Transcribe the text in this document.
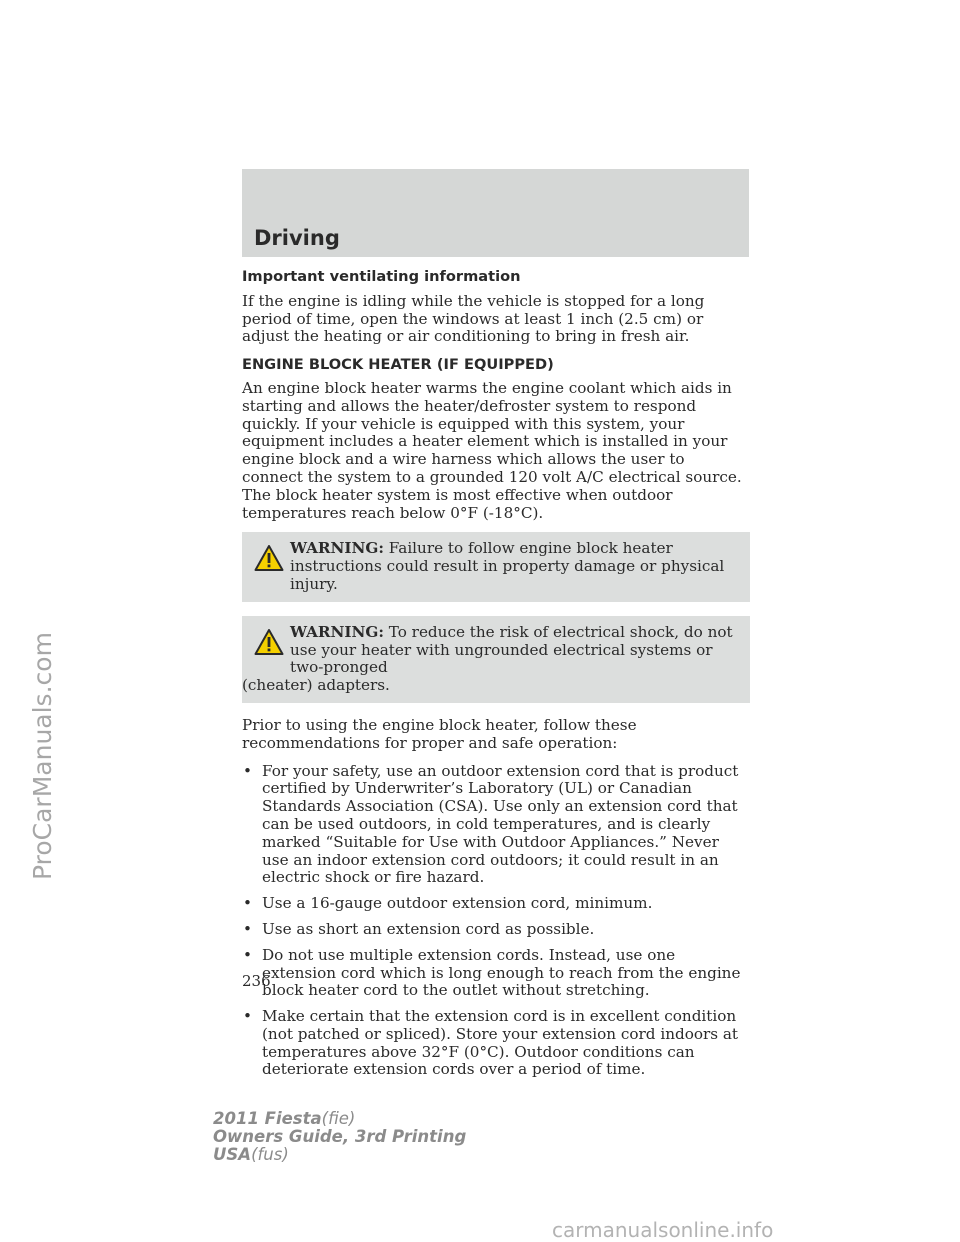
Driving
Important ventilating information

If the engine is idling while the vehicle is stopped for a long period of time, open the windows at least 1 inch (2.5 cm) or adjust the heating or air conditioning to bring in fresh air.

ENGINE BLOCK HEATER (IF EQUIPPED)

An engine block heater warms the engine coolant which aids in starting and allows the heater/defroster system to respond quickly. If your vehicle is equipped with this system, your equipment includes a heater element which is installed in your engine block and a wire harness which allows the user to connect the system to a grounded 120 volt A/C electrical source. The block heater system is most effective when outdoor temperatures reach below 0°F (-18°C).

WARNING: Failure to follow engine block heater instructions could result in property damage or physical injury.
WARNING: To reduce the risk of electrical shock, do not use your heater with ungrounded electrical systems or two-pronged
(cheater) adapters.

Prior to using the engine block heater, follow these recommendations for proper and safe operation:

• For your safety, use an outdoor extension cord that is product certified by Underwriter’s Laboratory (UL) or Canadian Standards Association (CSA). Use only an extension cord that can be used outdoors, in cold temperatures, and is clearly marked “Suitable for Use with Outdoor Appliances.” Never use an indoor extension cord outdoors; it could result in an electric shock or fire hazard.
• Use a 16-gauge outdoor extension cord, minimum.
• Use as short an extension cord as possible.
• Do not use multiple extension cords. Instead, use one extension cord which is long enough to reach from the engine block heater cord to the outlet without stretching.
• Make certain that the extension cord is in excellent condition (not patched or spliced). Store your extension cord indoors at temperatures above 32°F (0°C). Outdoor conditions can deteriorate extension cords over a period of time.
236
2011 Fiesta(fie)
Owners Guide, 3rd Printing
USA(fus)
ProCarManuals.com
carmanualsonline.info
